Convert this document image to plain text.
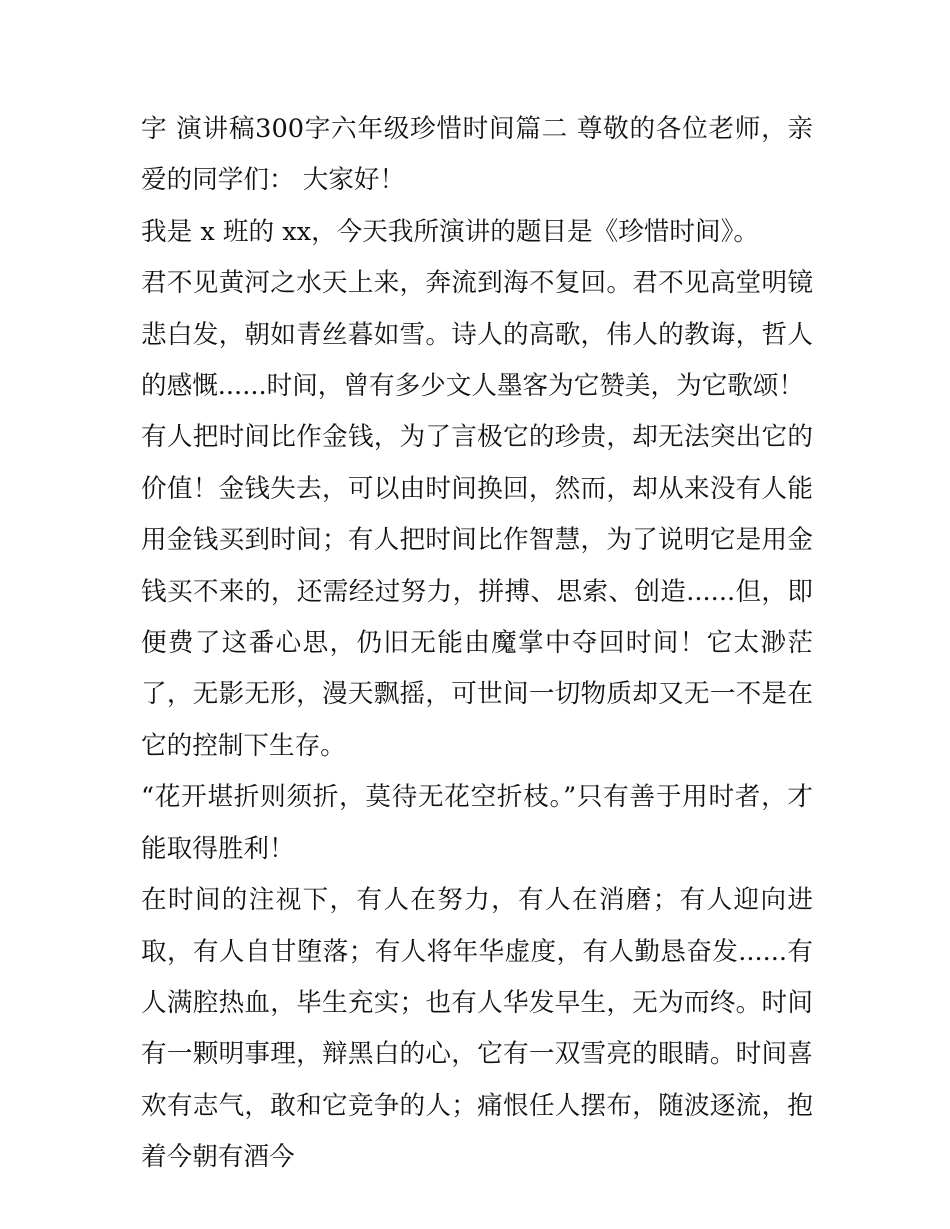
字 演讲稿300字六年级珍惜时间篇二 尊敬的各位老师，亲爱的同学们： 大家好！

我是 x 班的 xx，今天我所演讲的题目是《珍惜时间》。

君不见黄河之水天上来，奔流到海不复回。君不见高堂明镜悲白发，朝如青丝暮如雪。诗人的高歌，伟人的教诲，哲人的感慨......时间，曾有多少文人墨客为它赞美，为它歌颂！

有人把时间比作金钱，为了言极它的珍贵，却无法突出它的价值！金钱失去，可以由时间换回，然而，却从来没有人能用金钱买到时间；有人把时间比作智慧，为了说明它是用金钱买不来的，还需经过努力，拼搏、思索、创造......但，即便费了这番心思，仍旧无能由魔掌中夺回时间！它太渺茫了，无影无形，漫天飘摇，可世间一切物质却又无一不是在它的控制下生存。

“花开堪折则须折，莫待无花空折枝。”只有善于用时者，才能取得胜利！

在时间的注视下，有人在努力，有人在消磨；有人迎向进取，有人自甘堕落；有人将年华虚度，有人勤恳奋发......有人满腔热血，毕生充实；也有人华发早生，无为而终。时间有一颗明事理，辩黑白的心，它有一双雪亮的眼睛。时间喜欢有志气，敢和它竞争的人；痛恨任人摆布，随波逐流，抱着今朝有酒今
